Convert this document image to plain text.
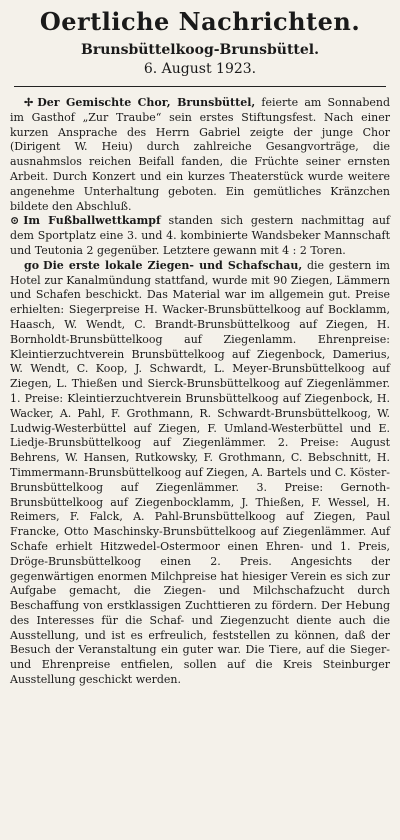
Oertliche Nachrichten.
Brunsbüttelkoog-Brunsbüttel.
6. August 1923.

✢ Der Gemischte Chor, Brunsbüttel, feierte am Sonnabend im Gasthof „Zur Traube“ sein erstes Stiftungsfest. Nach einer kurzen Ansprache des Herrn Gabriel zeigte der junge Chor (Dirigent W. Heiu) durch zahlreiche Gesangvorträge, die ausnahmslos reichen Beifall fanden, die Früchte seiner ernsten Arbeit. Durch Konzert und ein kurzes Theaterstück wurde weitere angenehme Unterhaltung geboten. Ein gemütliches Kränzchen bildete den Abschluß.

⊙ Im Fußballwettkampf standen sich gestern nachmittag auf dem Sportplatz eine 3. und 4. kombinierte Wandsbeker Mannschaft und Teutonia 2 gegenüber. Letztere gewann mit 4 : 2 Toren.

go Die erste lokale Ziegen- und Schafschau, die gestern im Hotel zur Kanalmündung stattfand, wurde mit 90 Ziegen, Lämmern und Schafen beschickt. Das Material war im allgemein gut. Preise erhielten: Siegerpreise H. Wacker-Brunsbüttelkoog auf Bocklamm, Haasch, W. Wendt, C. Brandt-Brunsbüttelkoog auf Ziegen, H. Bornholdt-Brunsbüttelkoog auf Ziegenlamm. Ehrenpreise: Kleintierzuchtverein Brunsbüttelkoog auf Ziegenbock, Damerius, W. Wendt, C. Koop, J. Schwardt, L. Meyer-Brunsbüttelkoog auf Ziegen, L. Thießen und Sierck-Brunsbüttelkoog auf Ziegenlämmer. 1. Preise: Kleintierzuchtverein Brunsbüttelkoog auf Ziegenbock, H. Wacker, A. Pahl, F. Grothmann, R. Schwardt-Brunsbüttelkoog, W. Ludwig-Westerbüttel auf Ziegen, F. Umland-Westerbüttel und E. Liedje-Brunsbüttelkoog auf Ziegenlämmer. 2. Preise: August Behrens, W. Hansen, Rutkowsky, F. Grothmann, C. Bebschnitt, H. Timmermann-Brunsbüttelkoog auf Ziegen, A. Bartels und C. Köster-Brunsbüttelkoog auf Ziegenlämmer. 3. Preise: Gernoth-Brunsbüttelkoog auf Ziegenbocklamm, J. Thießen, F. Wessel, H. Reimers, F. Falck, A. Pahl-Brunsbüttelkoog auf Ziegen, Paul Francke, Otto Maschinsky-Brunsbüttelkoog auf Ziegenlämmer. Auf Schafe erhielt Hitzwedel-Ostermoor einen Ehren- und 1. Preis, Dröge-Brunsbüttelkoog einen 2. Preis. Angesichts der gegenwärtigen enormen Milchpreise hat hiesiger Verein es sich zur Aufgabe gemacht, die Ziegen- und Milchschafzucht durch Beschaffung von erstklassigen Zuchttieren zu fördern. Der Hebung des Interesses für die Schaf- und Ziegenzucht diente auch die Ausstellung, und ist es erfreulich, feststellen zu können, daß der Besuch der Veranstaltung ein guter war. Die Tiere, auf die Sieger- und Ehrenpreise entfielen, sollen auf die Kreis Steinburger Ausstellung geschickt werden.
